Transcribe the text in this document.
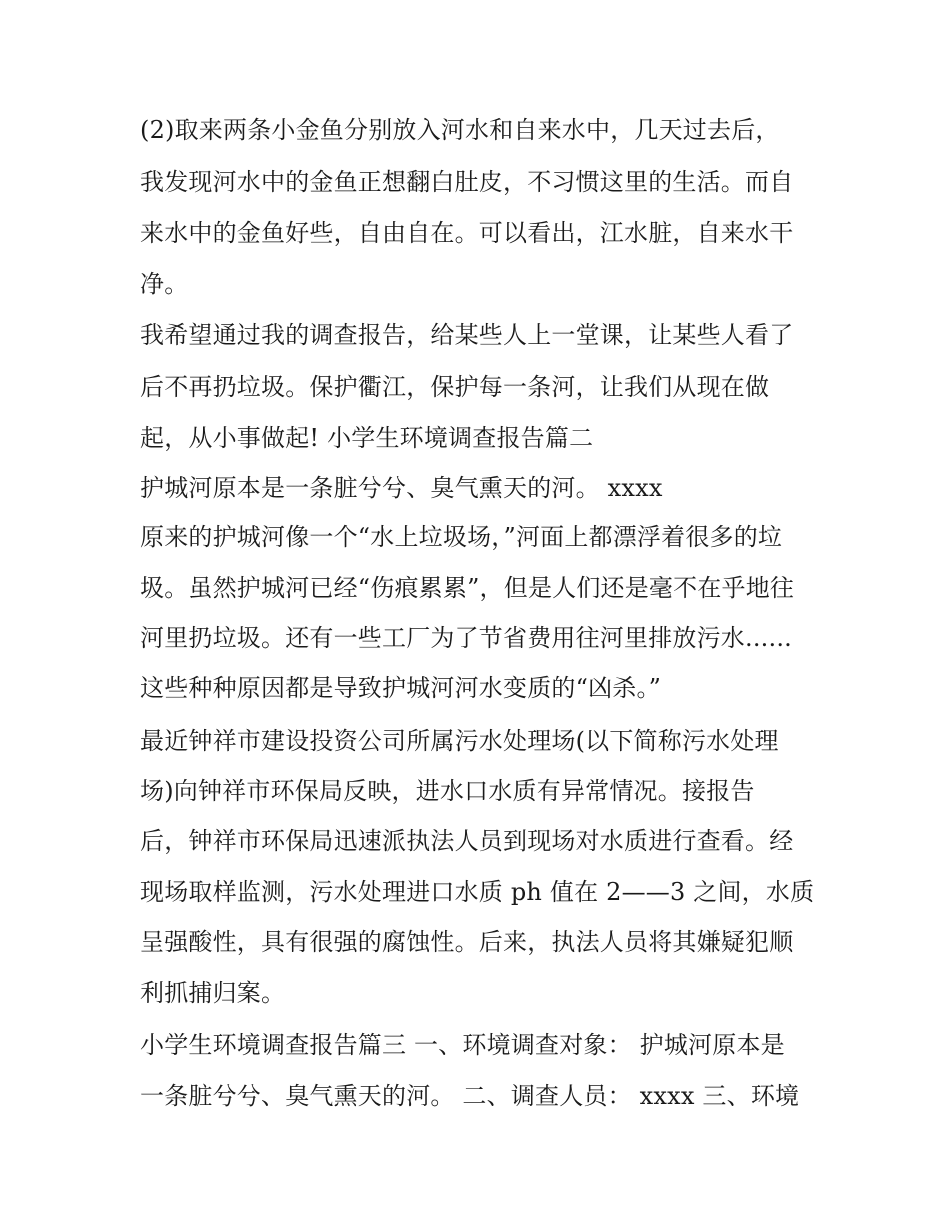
(2)取来两条小金鱼分别放入河水和自来水中，几天过去后，
我发现河水中的金鱼正想翻白肚皮，不习惯这里的生活。而自
来水中的金鱼好些，自由自在。可以看出，江水脏，自来水干
净。
我希望通过我的调查报告，给某些人上一堂课，让某些人看了
后不再扔垃圾。保护衢江，保护每一条河，让我们从现在做
起，从小事做起! 小学生环境调查报告篇二
护城河原本是一条脏兮兮、臭气熏天的河。 xxxx
原来的护城河像一个“水上垃圾场，”河面上都漂浮着很多的垃
圾。虽然护城河已经“伤痕累累”，但是人们还是毫不在乎地往
河里扔垃圾。还有一些工厂为了节省费用往河里排放污水......
这些种种原因都是导致护城河河水变质的“凶杀。”
最近钟祥市建设投资公司所属污水处理场(以下简称污水处理
场)向钟祥市环保局反映，进水口水质有异常情况。接报告
后，钟祥市环保局迅速派执法人员到现场对水质进行查看。经
现场取样监测，污水处理进口水质 ph 值在 2——3 之间，水质
呈强酸性，具有很强的腐蚀性。后来，执法人员将其嫌疑犯顺
利抓捕归案。
小学生环境调查报告篇三 一、环境调查对象： 护城河原本是
一条脏兮兮、臭气熏天的河。 二、调查人员： xxxx 三、环境
